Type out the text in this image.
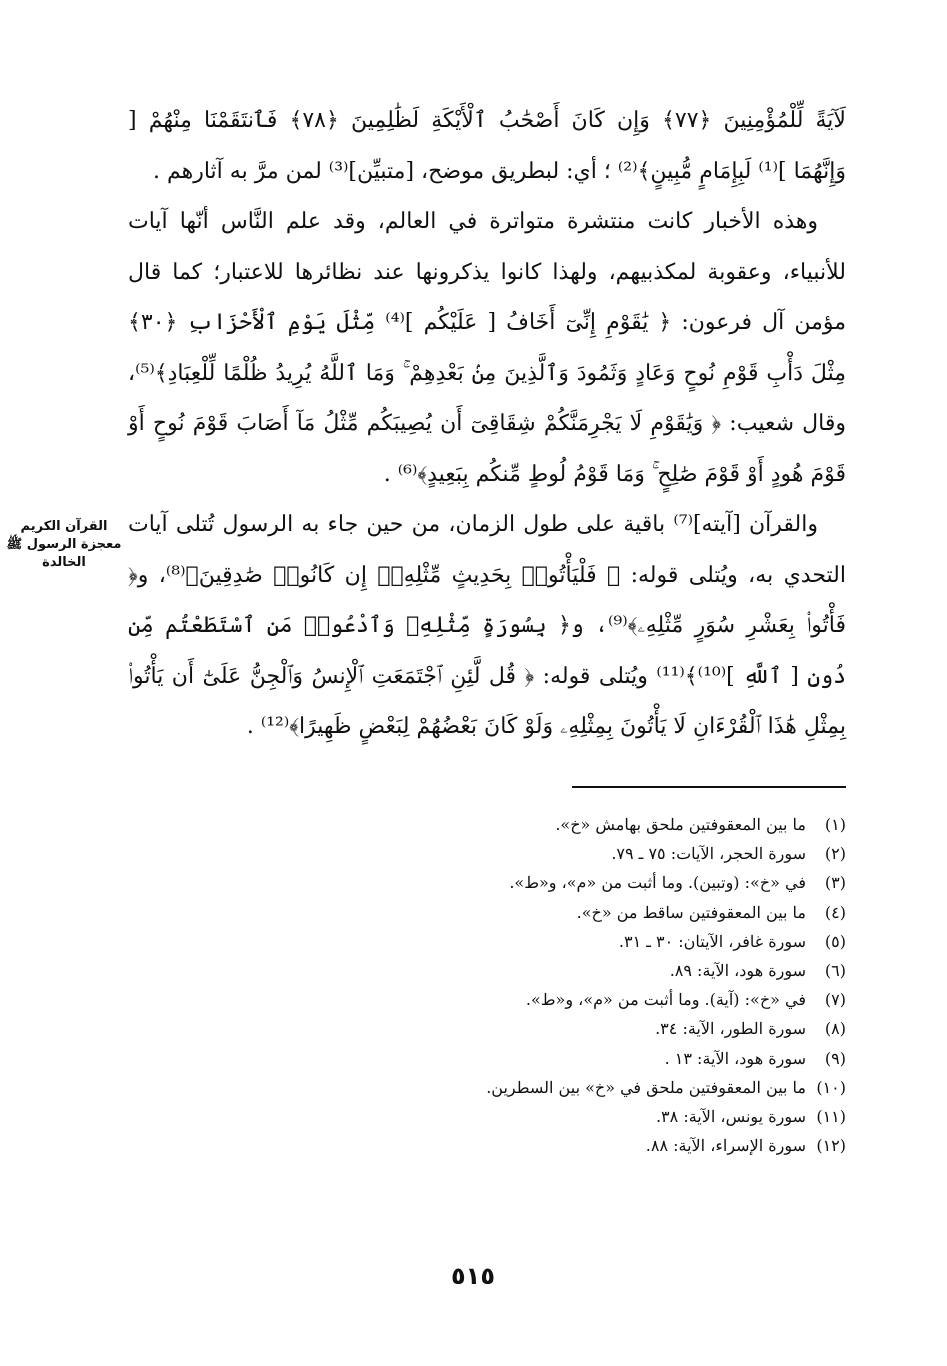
لَآيَةً لِّلْمُؤْمِنِينَ ﴿٧٧﴾ وَإِن كَانَ أَصْحَٰبُ ٱلْأَيْكَةِ لَظَٰلِمِينَ ﴿٧٨﴾ فَٱنتَقَمْنَا مِنْهُمْ [ وَإِنَّهُمَا ]⁽¹⁾ لَبِإِمَامٍ مُّبِينٍ﴾⁽²⁾ ؛ أي: لبطريق موضح، [متبيِّن]⁽³⁾ لمن مرَّ به آثارهم .

وهذه الأخبار كانت منتشرة متواترة في العالم، وقد علم النَّاس أنّها آيات للأنبياء، وعقوبة لمكذبيهم، ولهذا كانوا يذكرونها عند نظائرها للاعتبار؛ كما قال مؤمن آل فرعون: ﴿ يَٰقَوْمِ إِنِّىٓ أَخَافُ [ عَلَيْكُم ]⁽⁴⁾ مِّثْلَ يَوْمِ ٱلْأَحْزَابِ ﴿٣٠﴾ مِثْلَ دَأْبِ قَوْمِ نُوحٍ وَعَادٍ وَثَمُودَ وَٱلَّذِينَ مِنۢ بَعْدِهِمْ ۚ وَمَا ٱللَّهُ يُرِيدُ ظُلْمًا لِّلْعِبَادِ﴾⁽⁵⁾، وقال شعيب: ﴿ وَيَٰقَوْمِ لَا يَجْرِمَنَّكُمْ شِقَاقِىٓ أَن يُصِيبَكُم مِّثْلُ مَآ أَصَابَ قَوْمَ نُوحٍ أَوْ قَوْمَ هُودٍ أَوْ قَوْمَ صَٰلِحٍ ۚ وَمَا قَوْمُ لُوطٍ مِّنكُم بِبَعِيدٍ﴾⁽⁶⁾ .

والقرآن [آيته]⁽⁷⁾ باقية على طول الزمان، من حين جاء به الرسول تُتلى آيات التحدي به، ويُتلى قوله: ﴿ فَلْيَأْتُوا۟ بِحَدِيثٍ مِّثْلِهِۦٓ إِن كَانُوا۟ صَٰدِقِينَ﴾⁽⁸⁾، و﴿ فَأْتُوا۟ بِعَشْرِ سُوَرٍ مِّثْلِهِۦ﴾⁽⁹⁾، و﴿ بِسُورَةٍ مِّثْلِهِۦ وَٱدْعُوا۟ مَنِ ٱسْتَطَعْتُم مِّن دُونِ [ ٱللَّهِ ]⁽¹⁰⁾﴾⁽¹¹⁾ ويُتلى قوله: ﴿ قُل لَّئِنِ ٱجْتَمَعَتِ ٱلْإِنسُ وَٱلْجِنُّ عَلَىٰٓ أَن يَأْتُوا۟ بِمِثْلِ هَٰذَا ٱلْقُرْءَانِ لَا يَأْتُونَ بِمِثْلِهِۦ وَلَوْ كَانَ بَعْضُهُمْ لِبَعْضٍ ظَهِيرًا﴾⁽¹²⁾ .

القرآن الكريم
معجزة الرسول ﷺ
الخالدة
(١)
ما بين المعقوفتين ملحق بهامش «خ».
(٢)
سورة الحجر، الآيات: ٧٥ ـ ٧٩.
(٣)
في «خ»: (وتبين). وما أثبت من «م»، و«ط».
(٤)
ما بين المعقوفتين ساقط من «خ».
(٥)
سورة غافر، الآيتان: ٣٠ ـ ٣١.
(٦)
سورة هود، الآية: ٨٩.
(٧)
في «خ»: (آية). وما أثبت من «م»، و«ط».
(٨)
سورة الطور، الآية: ٣٤.
(٩)
سورة هود، الآية: ١٣ .
(١٠)
ما بين المعقوفتين ملحق في «خ» بين السطرين.
(١١)
سورة يونس، الآية: ٣٨.
(١٢)
سورة الإسراء، الآية: ٨٨.
٥١٥
